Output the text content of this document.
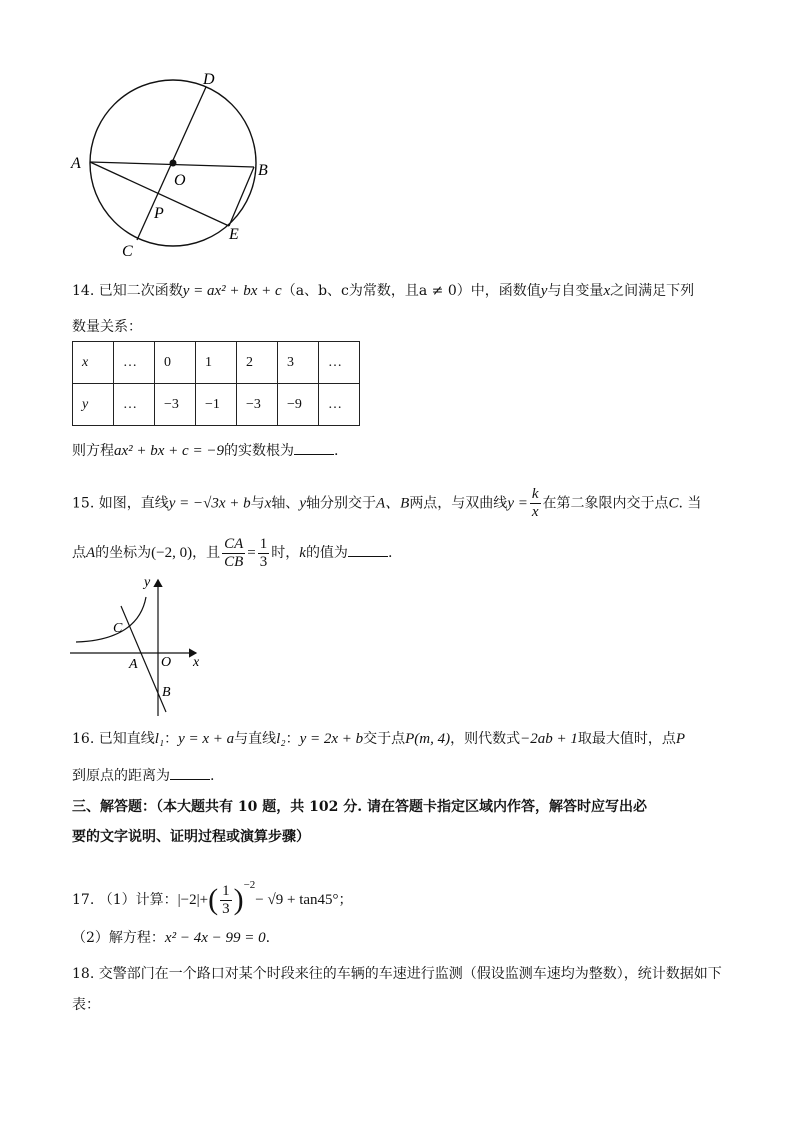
D
A
O
B
P
C
E
14. 已知二次函数y = ax² + bx + c（a、b、c为常数，且a ≠ 0）中，函数值y与自变量x之间满足下列
数量关系：
x	…	0	1	2	3	…
y	…	−3	−1	−3	−9	…
则方程ax² + bx + c = −9的实数根为	.
15. 如图，直线y = −√3x + b与x轴、y轴分别交于A、B两点，与双曲线$y = \frac{k}{x}$ 在第二象限内交于点C. 当
点A的坐标为(−2, 0)，且 $\frac{CA}{CB} = \frac{1}{3}$ 时，k的值为	.
y
C
A O x
B
16. 已知直线l₁：y = x + a与直线l₂：y = 2x + b交于点P(m, 4)，则代数式−2ab + 1取最大值时，点P
到原点的距离为	.
三、解答题：（本大题共有 10 题，共 102 分. 请在答题卡指定区域内作答，解答时应写出必
要的文字说明、证明过程或演算步骤）
17. （1）计算：$|-2|+( \frac{1}{3} )^{-2}- √9 + \tan 45^\circ$；
（2）解方程：x² − 4x − 99 = 0.
18. 交警部门在一个路口对某个时段来往的车辆的车速进行监测（假设监测车速均为整数），统计数据如下
表：
